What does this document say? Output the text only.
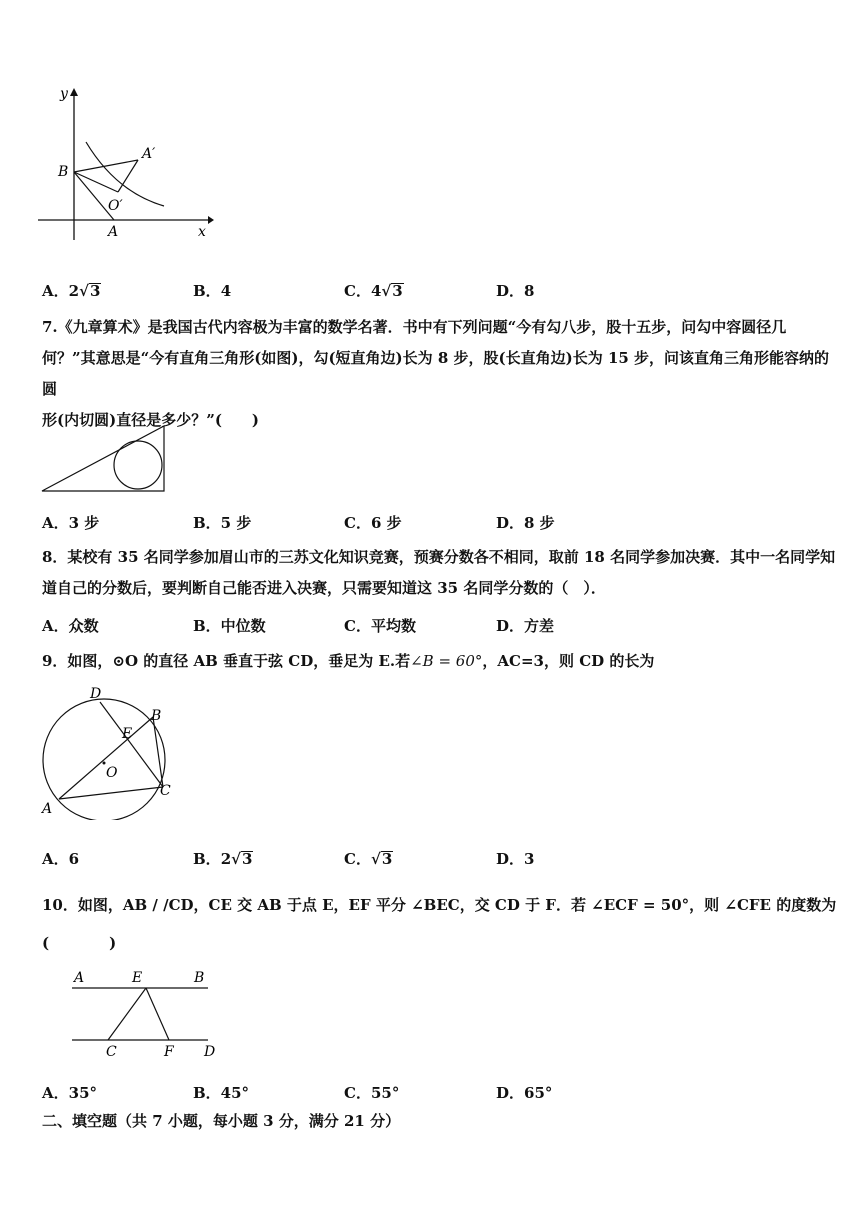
y
x
B
A′
O′
A
A．2√3	B．4	C．4√3	D．8
7.《九章算术》是我国古代内容极为丰富的数学名著．书中有下列问题“今有勾八步，股十五步，问勾中容圆径几
何？”其意思是“今有直角三角形(如图)，勾(短直角边)长为 8 步，股(长直角边)长为 15 步，问该直角三角形能容纳的圆
形(内切圆)直径是多少？”(　　)
A．3 步	B．5 步	C．6 步	D．8 步
8．某校有 35 名同学参加眉山市的三苏文化知识竞赛，预赛分数各不相同，取前 18 名同学参加决赛．其中一名同学知
道自己的分数后，要判断自己能否进入决赛，只需要知道这 35 名同学分数的（　）．
A．众数	B．中位数	C．平均数	D．方差
9．如图，⊙O 的直径 AB 垂直于弦 CD，垂足为 E.若∠B = 60°，AC=3，则 CD 的长为
D
B
E
O
C
A
A．6	B．2√3	C．√3	D．3
10．如图，AB / /CD，CE 交 AB 于点 E，EF 平分 ∠BEC，交 CD 于 F．若 ∠ECF = 50°，则 ∠CFE 的度数为
(　　　　)
A	E	B
C	F D
A．35°	B．45°	C．55°	D．65°
二、填空题（共 7 小题，每小题 3 分，满分 21 分）
